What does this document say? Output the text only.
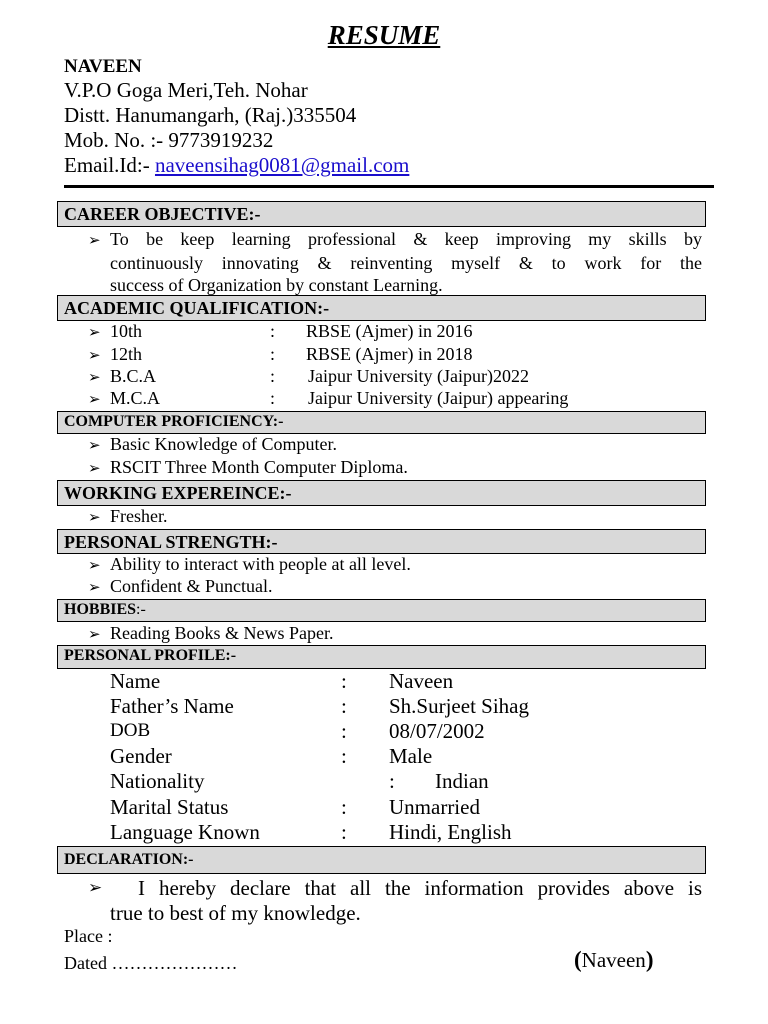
RESUME
NAVEEN
V.P.O Goga Meri,Teh. Nohar
Distt. Hanumangarh, (Raj.)335504
Mob. No. :- 9773919232
Email.Id:- naveensihag0081@gmail.com
CAREER OBJECTIVE:-
➢ To be keep learning professional & keep improving my skills by
continuously innovating & reinventing myself & to work for the
success of Organization by constant Learning.
ACADEMIC QUALIFICATION:-
➢ 10th	: RBSE (Ajmer) in 2016
➢ 12th	: RBSE (Ajmer) in 2018
➢ B.C.A	: Jaipur University (Jaipur)2022
➢ M.C.A	: Jaipur University (Jaipur) appearing
COMPUTER PROFICIENCY:-
➢ Basic Knowledge of Computer.
➢ RSCIT Three Month Computer Diploma.
WORKING EXPEREINCE:-
➢ Fresher.
PERSONAL STRENGTH:-
➢ Ability to interact with people at all level.
➢ Confident & Punctual.
HOBBIES:-
➢ Reading Books & News Paper.
PERSONAL PROFILE:-
Name	: Naveen
Father’s Name	: Sh.Surjeet Sihag
DOB	: 08/07/2002
Gender	: Male
Nationality	: Indian
Marital Status	: Unmarried
Language Known	: Hindi, English
DECLARATION:-
➢	I hereby declare that all the information provides above is
true to best of my knowledge.
Place :
Dated …………………	(Naveen)
